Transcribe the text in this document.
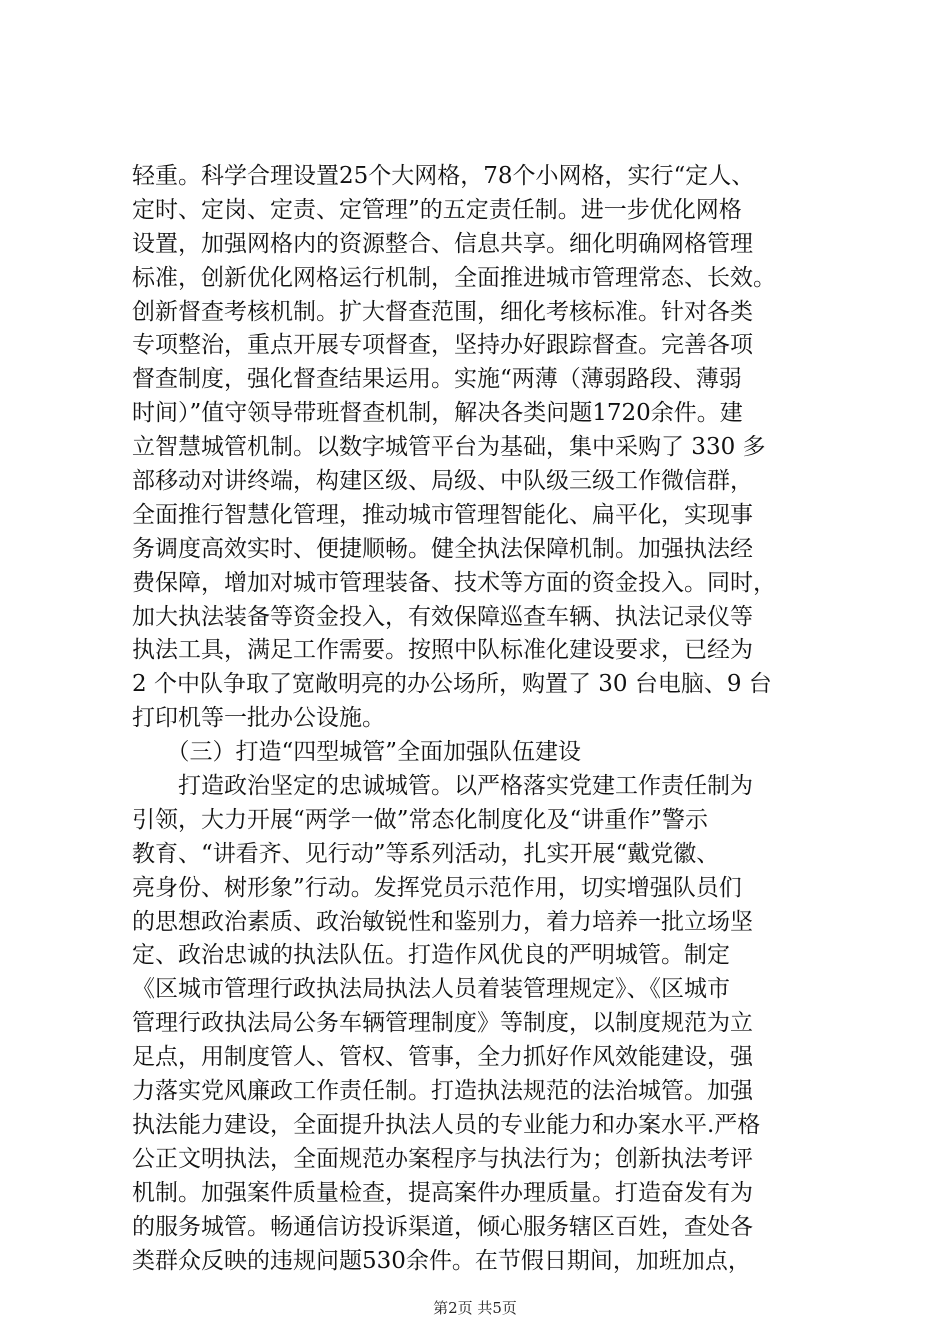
轻重。科学合理设置25个大网格，78个小网格，实行“定人、
定时、定岗、定责、定管理”的五定责任制。进一步优化网格
设置，加强网格内的资源整合、信息共享。细化明确网格管理
标准，创新优化网格运行机制，全面推进城市管理常态、长效。
创新督查考核机制。扩大督查范围，细化考核标准。针对各类
专项整治，重点开展专项督查，坚持办好跟踪督查。完善各项
督查制度，强化督查结果运用。实施“两薄（薄弱路段、薄弱
时间）”值守领导带班督查机制，解决各类问题1720余件。建
立智慧城管机制。以数字城管平台为基础，集中采购了 330 多
部移动对讲终端，构建区级、局级、中队级三级工作微信群，
全面推行智慧化管理，推动城市管理智能化、扁平化，实现事
务调度高效实时、便捷顺畅。健全执法保障机制。加强执法经
费保障，增加对城市管理装备、技术等方面的资金投入。同时，
加大执法装备等资金投入，有效保障巡查车辆、执法记录仪等
执法工具，满足工作需要。按照中队标准化建设要求，已经为
2 个中队争取了宽敞明亮的办公场所，购置了 30 台电脑、9 台
打印机等一批办公设施。
　　（三）打造“四型城管”全面加强队伍建设
　　打造政治坚定的忠诚城管。以严格落实党建工作责任制为
引领，大力开展“两学一做”常态化制度化及“讲重作”警示
教育、“讲看齐、见行动”等系列活动，扎实开展“戴党徽、
亮身份、树形象”行动。发挥党员示范作用，切实增强队员们
的思想政治素质、政治敏锐性和鉴别力，着力培养一批立场坚
定、政治忠诚的执法队伍。打造作风优良的严明城管。制定
《区城市管理行政执法局执法人员着装管理规定》、《区城市
管理行政执法局公务车辆管理制度》等制度，以制度规范为立
足点，用制度管人、管权、管事，全力抓好作风效能建设，强
力落实党风廉政工作责任制。打造执法规范的法治城管。加强
执法能力建设，全面提升执法人员的专业能力和办案水平.严格
公正文明执法，全面规范办案程序与执法行为；创新执法考评
机制。加强案件质量检查，提高案件办理质量。打造奋发有为
的服务城管。畅通信访投诉渠道，倾心服务辖区百姓，查处各
类群众反映的违规问题530余件。在节假日期间，加班加点，
第2页 共5页
